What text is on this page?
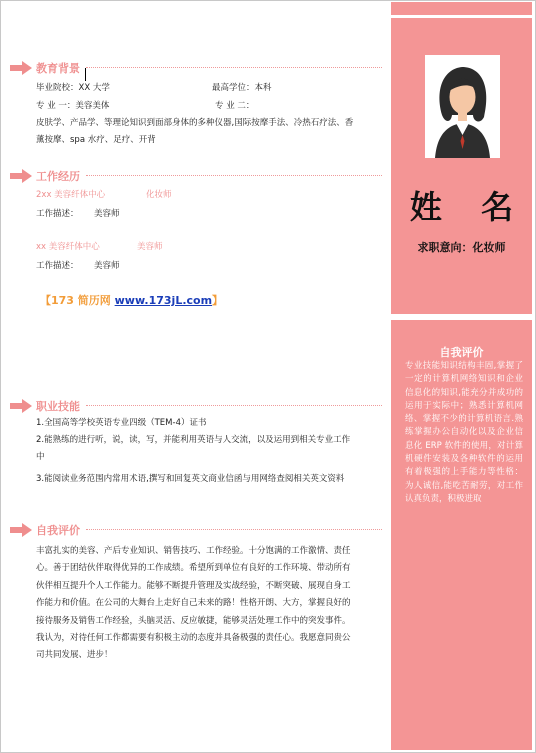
姓 名
求职意向：化妆师
自我评价
专业技能知识结构丰固,掌握了一定的计算机网络知识和企业信息化的知识,能充分并成功的运用于实际中；熟悉计算机网络、掌握不少的计算机语言.熟练掌握办公自动化以及企业信息化 ERP 软件的使用，对计算机硬件安装及各种软件的运用有着极强的上手能力等性格：为人诚信,能吃苦耐劳，对工作认真负责，积极进取
教育背景
毕业院校：XX 大学	最高学位：本科
专 业 一：美容美体	专 业 二：
皮肤学、产品学、等理论知识到面部身体的多种仪器,国际按摩手法、冷热石疗法、香薰按摩、spa 水疗、足疗、开背
工作经历
2xx 美容纤体中心	化妆师
工作描述： 美容师
xx 美容纤体中心	美容师
工作描述： 美容师
【173 简历网 www.173jL.com】
职业技能
1.全国高等学校英语专业四级（TEM-4）证书
2.能熟练的进行听，说，读，写，并能利用英语与人交流，以及运用到相关专业工作中
3.能阅读业务范围内常用术语,撰写和回复英文商业信函与用网络查阅相关英文资料
自我评价
丰富扎实的美容、产后专业知识、销售技巧、工作经验。十分饱满的工作激情、责任心。善于团结伙伴取得优异的工作成绩。希望所到单位有良好的工作环境、带动所有伙伴相互提升个人工作能力。能够不断提升管理及实战经验，不断突破、展现自身工作能力和价值。在公司的大舞台上走好自己未来的路！性格开朗、大方，掌握良好的接待服务及销售工作经验，头脑灵活、反应敏捷，能够灵活处理工作中的突发事件。我认为，对待任何工作都需要有积极主动的态度并具备极强的责任心。我愿意同贵公司共同发展、进步！
